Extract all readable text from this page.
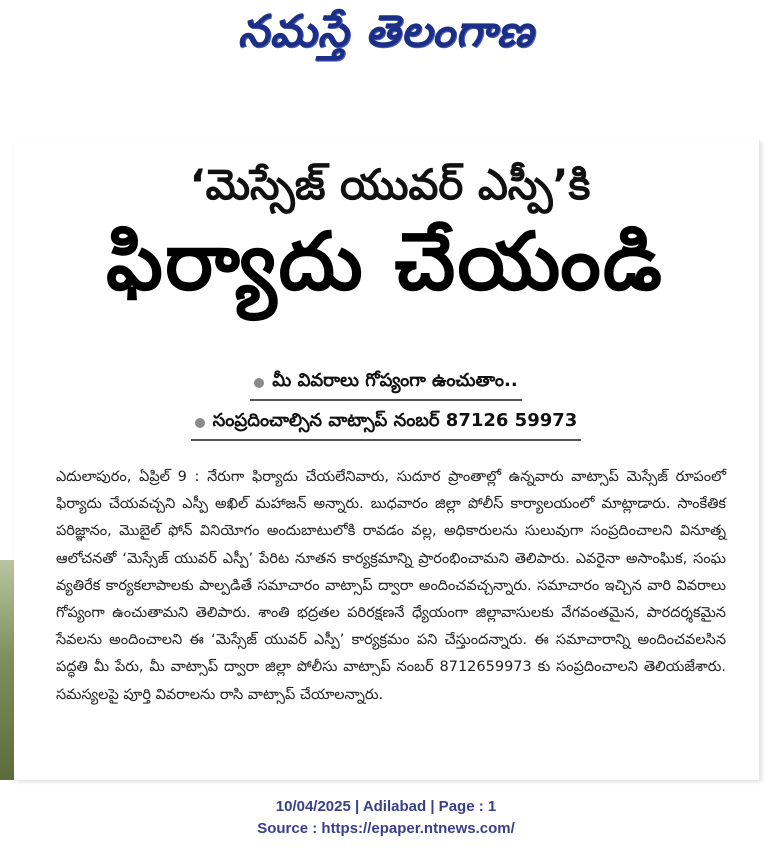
నమస్తే తెలంగాణ
‘మెస్సేజ్ యువర్ ఎస్పీ’కి
ఫిర్యాదు చేయండి
మీ వివరాలు గోప్యంగా ఉంచుతాం..
సంప్రదించాల్సిన వాట్సాప్ నంబర్ 87126 59973

ఎదులాపురం, ఏప్రిల్ 9 : నేరుగా ఫిర్యాదు చేయలేనివారు, సుదూర ప్రాంతాల్లో ఉన్నవారు వాట్సాప్ మెస్సేజ్ రూపంలో ఫిర్యాదు చేయవచ్చని ఎస్పీ అఖిల్ మహాజన్ అన్నారు. బుధవారం జిల్లా పోలీస్ కార్యాలయంలో మాట్లాడారు. సాంకేతిక పరిజ్ఞానం, మొబైల్ ఫోన్ వినియోగం అందుబాటులోకి రావడం వల్ల, అధికారులను సులువుగా సంప్రదించాలని వినూత్న ఆలోచనతో ‘మెస్సేజ్ యువర్ ఎస్పీ’ పేరిట నూతన కార్యక్రమాన్ని ప్రారంభించామని తెలిపారు. ఎవరైనా అసాంఘిక, సంఘ వ్యతిరేక కార్యకలాపాలకు పాల్పడితే సమాచారం వాట్సాప్ ద్వారా అందించవచ్చన్నారు. సమాచారం ఇచ్చిన వారి వివరాలు గోప్యంగా ఉంచుతామని తెలిపారు. శాంతి భద్రతల పరిరక్షణనే ధ్యేయంగా జిల్లావాసులకు వేగవంతమైన, పారదర్శకమైన సేవలను అందించాలని ఈ ‘మెస్సేజ్ యువర్ ఎస్పీ’ కార్యక్రమం పని చేస్తుందన్నారు. ఈ సమాచారాన్ని అందించవలసిన పద్ధతి మీ పేరు, మీ వాట్సాప్ ద్వారా జిల్లా పోలీసు వాట్సాప్ నంబర్ 8712659973 కు సంప్రదించాలని తెలియజేశారు. సమస్యలపై పూర్తి వివరాలను రాసి వాట్సాప్ చేయాలన్నారు.

10/04/2025 | Adilabad | Page : 1
Source : https://epaper.ntnews.com/
